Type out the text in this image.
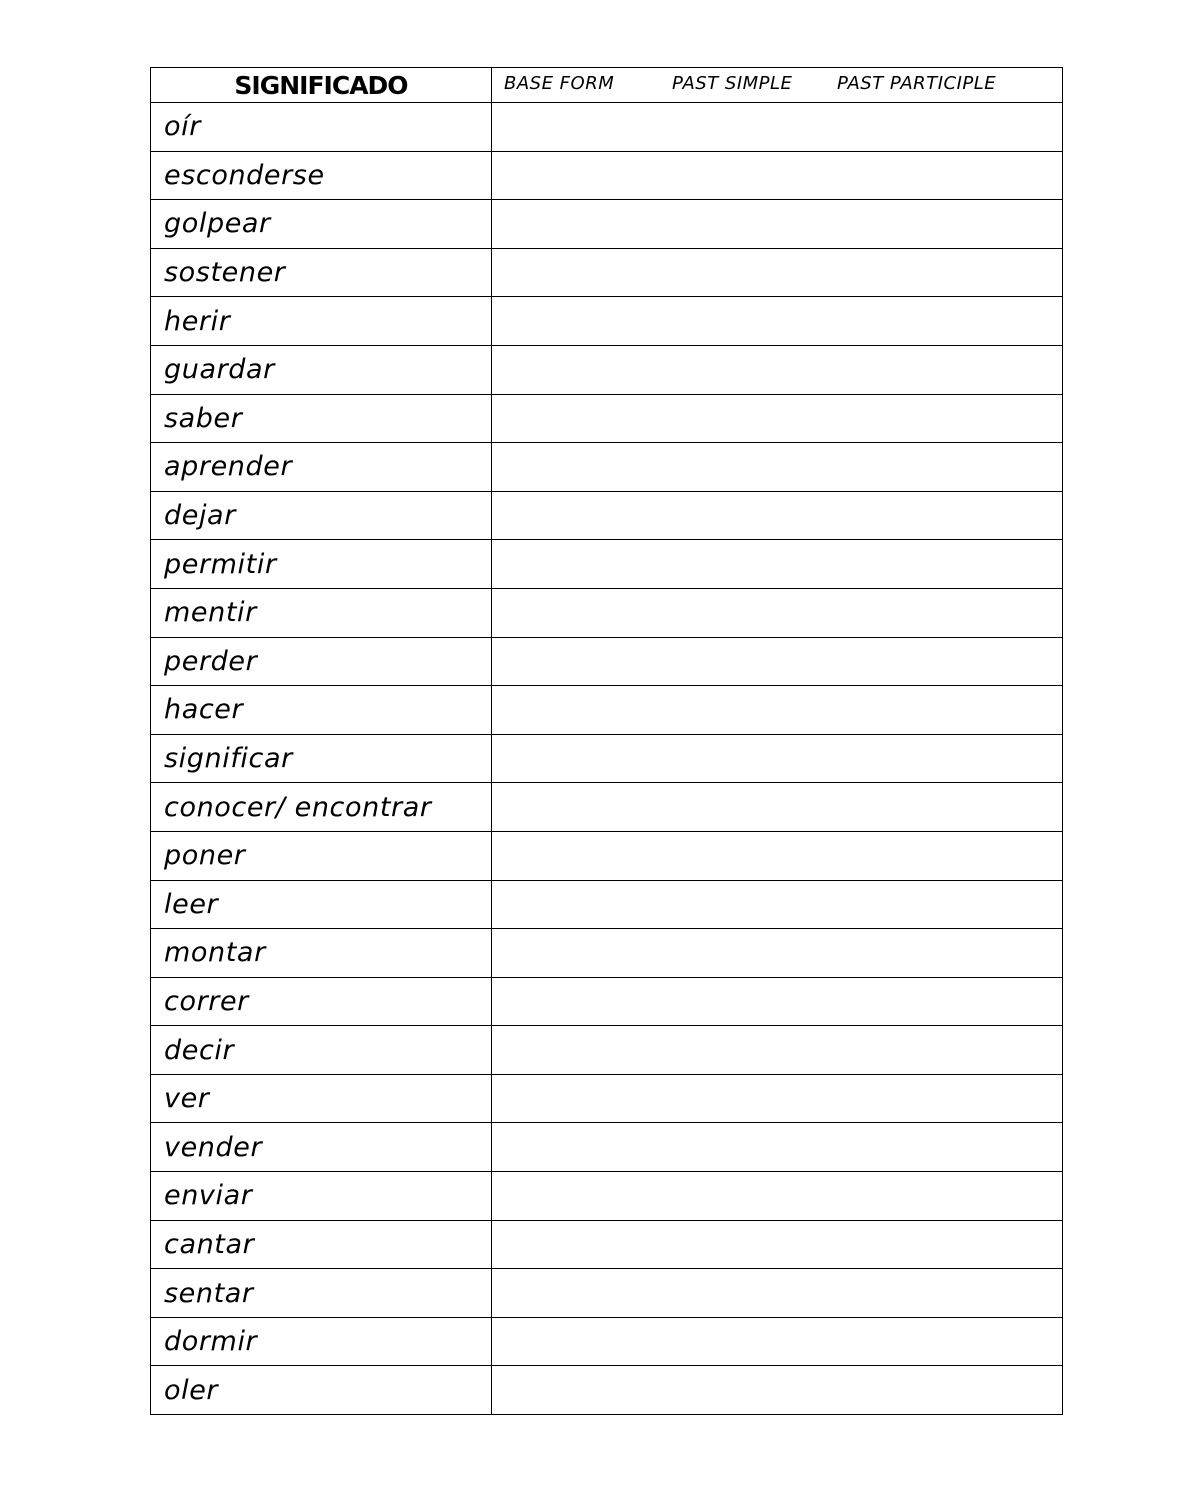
SIGNIFICADO	BASE FORM PAST SIMPLE PAST PARTICIPLE

oír	
esconderse	
golpear	
sostener	
herir	
guardar	
saber	
aprender	
dejar	
permitir	
mentir	
perder	
hacer	
significar	
conocer/ encontrar	
poner	
leer	
montar	
correr	
decir	
ver	
vender	
enviar	
cantar	
sentar	
dormir	
oler	
